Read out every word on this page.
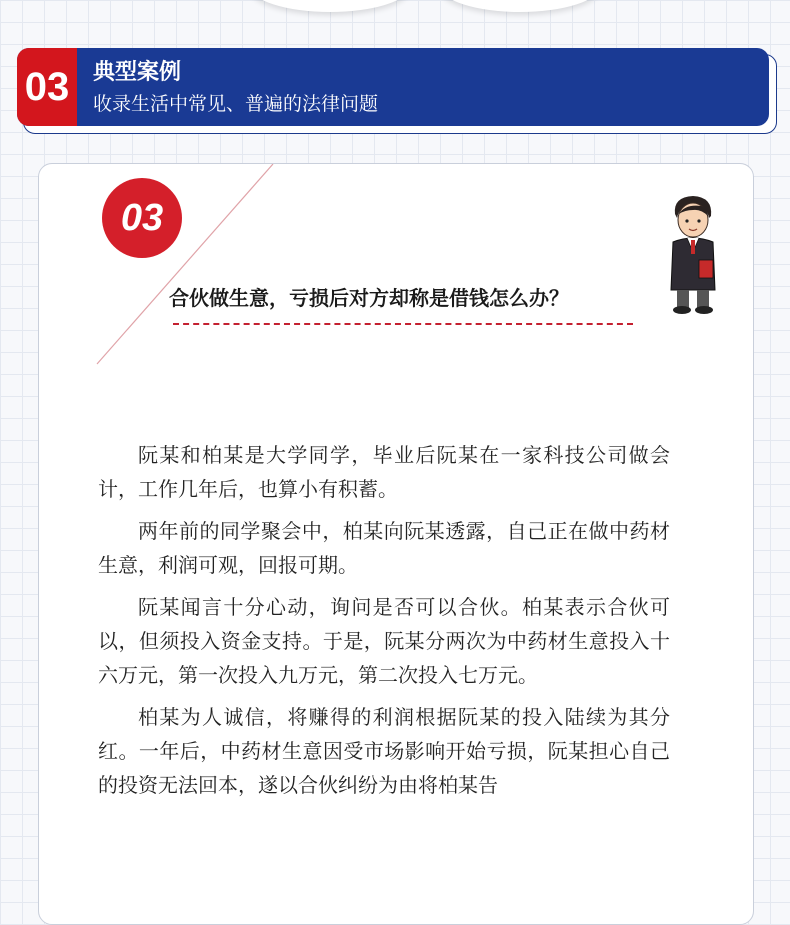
03	典型案例
收录生活中常见、普遍的法律问题
03
合伙做生意，亏损后对方却称是借钱怎么办？

阮某和柏某是大学同学，毕业后阮某在一家科技公司做会计，工作几年后，也算小有积蓄。

两年前的同学聚会中，柏某向阮某透露，自己正在做中药材生意，利润可观，回报可期。

阮某闻言十分心动，询问是否可以合伙。柏某表示合伙可以，但须投入资金支持。于是，阮某分两次为中药材生意投入十六万元，第一次投入九万元，第二次投入七万元。

柏某为人诚信，将赚得的利润根据阮某的投入陆续为其分红。一年后，中药材生意因受市场影响开始亏损，阮某担心自己的投资无法回本，遂以合伙纠纷为由将柏某告
